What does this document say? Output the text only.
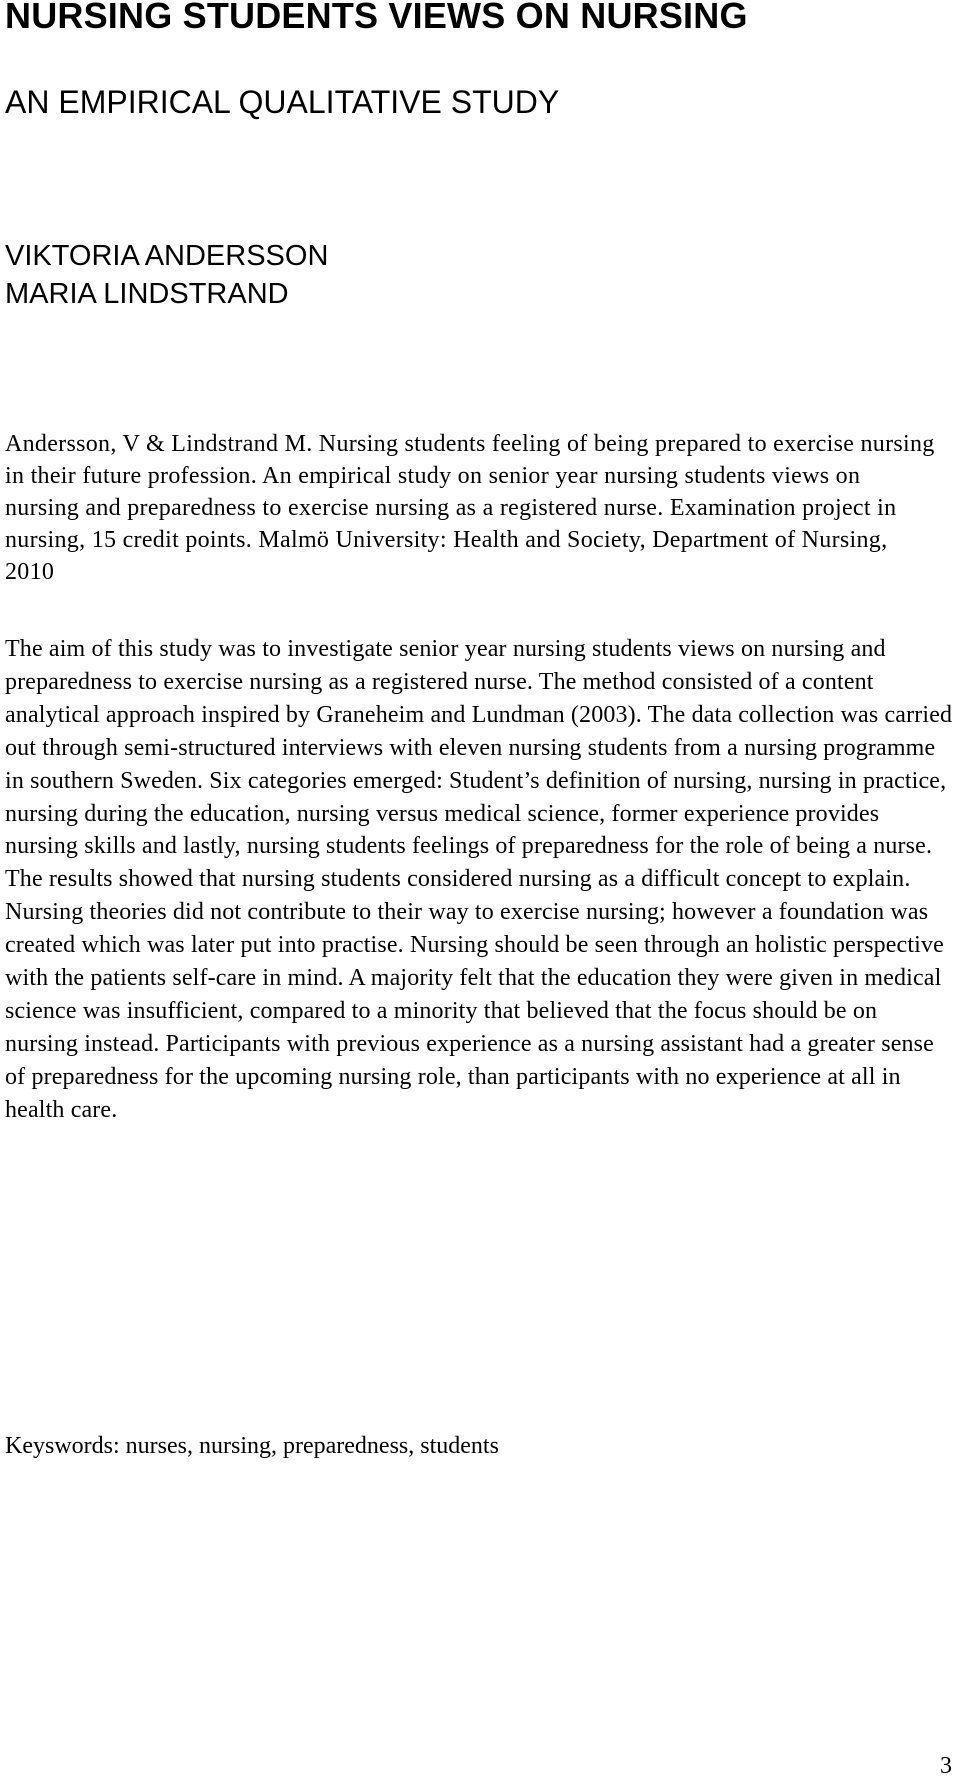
NURSING STUDENTS VIEWS ON NURSING
AN EMPIRICAL QUALITATIVE STUDY
VIKTORIA ANDERSSON
MARIA LINDSTRAND

Andersson, V & Lindstrand M. Nursing students feeling of being prepared to exercise nursing in their future profession. An empirical study on senior year nursing students views on nursing and preparedness to exercise nursing as a registered nurse. Examination project in nursing, 15 credit points. Malmö University: Health and Society, Department of Nursing, 2010

The aim of this study was to investigate senior year nursing students views on nursing and preparedness to exercise nursing as a registered nurse. The method consisted of a content analytical approach inspired by Graneheim and Lundman (2003). The data collection was carried out through semi-structured interviews with eleven nursing students from a nursing programme in southern Sweden. Six categories emerged: Student’s definition of nursing, nursing in practice, nursing during the education, nursing versus medical science, former experience provides nursing skills and lastly, nursing students feelings of preparedness for the role of being a nurse. The results showed that nursing students considered nursing as a difficult concept to explain. Nursing theories did not contribute to their way to exercise nursing; however a foundation was created which was later put into practise. Nursing should be seen through an holistic perspective with the patients self-care in mind. A majority felt that the education they were given in medical science was insufficient, compared to a minority that believed that the focus should be on nursing instead. Participants with previous experience as a nursing assistant had a greater sense of preparedness for the upcoming nursing role, than participants with no experience at all in health care.

Keyswords: nurses, nursing, preparedness, students

3
